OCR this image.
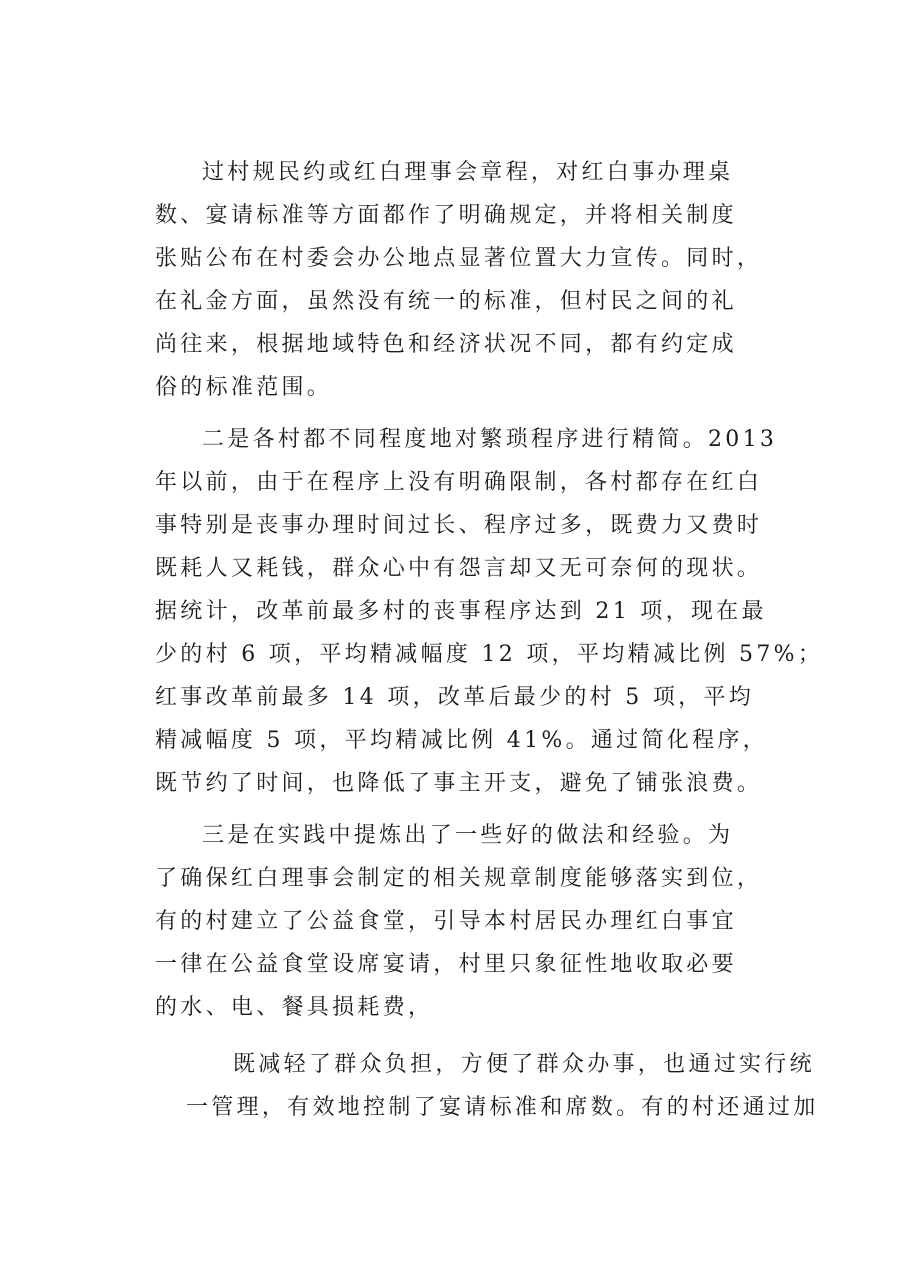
过村规民约或红白理事会章程，对红白事办理桌
数、宴请标准等方面都作了明确规定，并将相关制度
张贴公布在村委会办公地点显著位置大力宣传。同时，
在礼金方面，虽然没有统一的标准，但村民之间的礼
尚往来，根据地域特色和经济状况不同，都有约定成
俗的标准范围。
二是各村都不同程度地对繁琐程序进行精简。2013
年以前，由于在程序上没有明确限制，各村都存在红白
事特别是丧事办理时间过长、程序过多，既费力又费时
既耗人又耗钱，群众心中有怨言却又无可奈何的现状。
据统计，改革前最多村的丧事程序达到 21 项，现在最
少的村 6 项，平均精减幅度 12 项，平均精减比例 57%；
红事改革前最多 14 项，改革后最少的村 5 项，平均
精减幅度 5 项，平均精减比例 41%。通过简化程序，
既节约了时间，也降低了事主开支，避免了铺张浪费。
三是在实践中提炼出了一些好的做法和经验。为
了确保红白理事会制定的相关规章制度能够落实到位，
有的村建立了公益食堂，引导本村居民办理红白事宜
一律在公益食堂设席宴请，村里只象征性地收取必要
的水、电、餐具损耗费，
既减轻了群众负担，方便了群众办事，也通过实行统
一管理，有效地控制了宴请标准和席数。有的村还通过加
